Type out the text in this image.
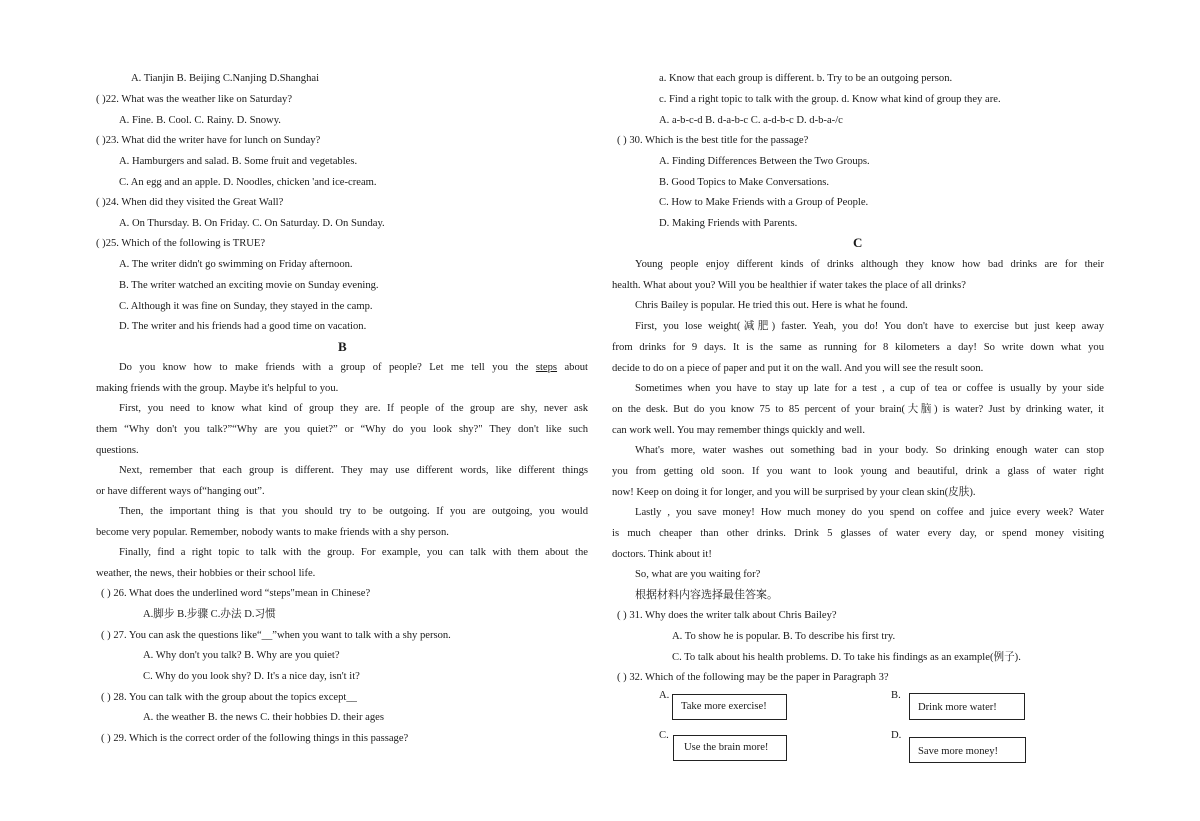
A. Tianjin B. Beijing C.Nanjing D.Shanghai
( )22. What was the weather like on Saturday?
A. Fine. B. Cool. C. Rainy. D. Snowy.
( )23. What did the writer have for lunch on Sunday?
A. Hamburgers and salad. B. Some fruit and vegetables.
C. An egg and an apple. D. Noodles, chicken 'and ice-cream.
( )24. When did they visited the Great Wall?
A. On Thursday. B. On Friday. C. On Saturday. D. On Sunday.
( )25. Which of the following is TRUE?
A. The writer didn't go swimming on Friday afternoon.
B. The writer watched an exciting movie on Sunday evening.
C. Although it was fine on Sunday, they stayed in the camp.
D. The writer and his friends had a good time on vacation.
B
Do you know how to make friends with a group of people? Let me tell you the steps about
making friends with the group. Maybe it's helpful to you.
First, you need to know what kind of group they are. If people of the group are shy, never ask
them “Why don't you talk?”“Why are you quiet?” or “Why do you look shy?" They don't like such
questions.
Next, remember that each group is different. They may use different words, like different things
or have different ways of“hanging out”.
Then, the important thing is that you should try to be outgoing. If you are outgoing, you would
become very popular. Remember, nobody wants to make friends with a shy person.
Finally, find a right topic to talk with the group. For example, you can talk with them about the
weather, the news, their hobbies or their school life.
( ) 26. What does the underlined word “steps"mean in Chinese?
A.脚步 B.步骤 C.办法 D.习惯
( ) 27. You can ask the questions like“__”when you want to talk with a shy person.
A. Why don't you talk? B. Why are you quiet?
C. Why do you look shy? D. It's a nice day, isn't it?
( ) 28. You can talk with the group about the topics except__
A. the weather B. the news C. their hobbies D. their ages
( ) 29. Which is the correct order of the following things in this passage?
a. Know that each group is different. b. Try to be an outgoing person.
c. Find a right topic to talk with the group. d. Know what kind of group they are.
A. a-b-c-d B. d-a-b-c C. a-d-b-c D. d-b-a-/c
( ) 30. Which is the best title for the passage?
A. Finding Differences Between the Two Groups.
B. Good Topics to Make Conversations.
C. How to Make Friends with a Group of People.
D. Making Friends with Parents.
C
Young people enjoy different kinds of drinks although they know how bad drinks are for their
health. What about you? Will you be healthier if water takes the place of all drinks?
Chris Bailey is popular. He tried this out. Here is what he found.
First, you lose weight(减肥) faster. Yeah, you do! You don't have to exercise but just keep away
from drinks for 9 days. It is the same as running for 8 kilometers a day! So write down what you
decide to do on a piece of paper and put it on the wall. And you will see the result soon.
Sometimes when you have to stay up late for a test , a cup of tea or coffee is usually by your side
on the desk. But do you know 75 to 85 percent of your brain(大脑) is water? Just by drinking water, it
can work well. You may remember things quickly and well.
What's more, water washes out something bad in your body. So drinking enough water can stop
you from getting old soon. If you want to look young and beautiful, drink a glass of water right
now! Keep on doing it for longer, and you will be surprised by your clean skin(皮肤).
Lastly , you save money! How much money do you spend on coffee and juice every week? Water
is much cheaper than other drinks. Drink 5 glasses of water every day, or spend money visiting
doctors. Think about it!
So, what are you waiting for?
根据材料内容选择最佳答案。
( ) 31. Why does the writer talk about Chris Bailey?
A. To show he is popular. B. To describe his first try.
C. To talk about his health problems. D. To take his findings as an example(例子).
( ) 32. Which of the following may be the paper in Paragraph 3?
A.
Take more exercise!
B.
Drink more water!
C.
Use the brain more!
D.
Save more money!
